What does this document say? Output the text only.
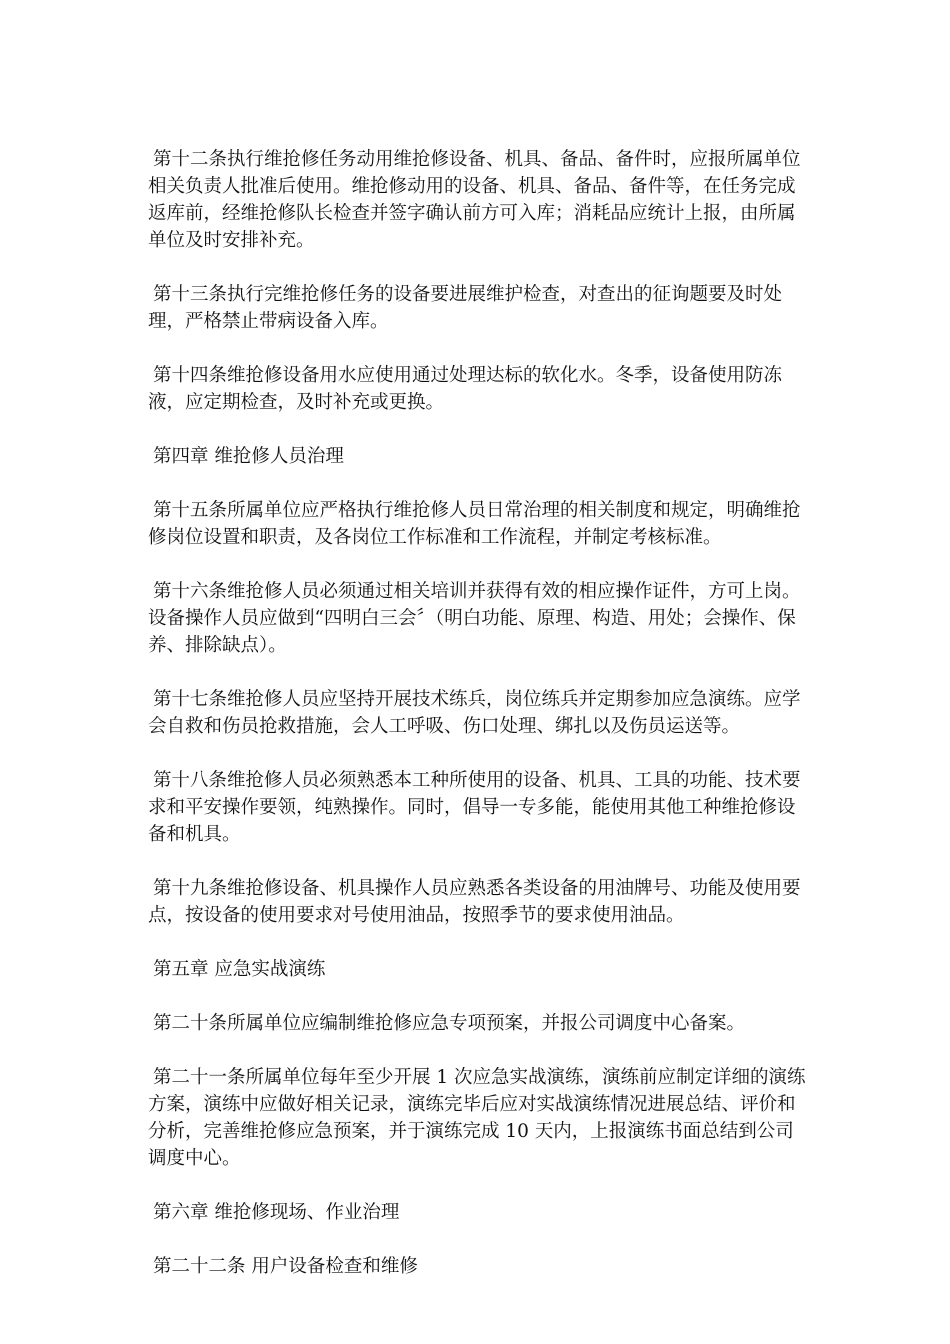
第十二条执行维抢修任务动用维抢修设备、机具、备品、备件时，应报所属单位相关负责人批准后使用。维抢修动用的设备、机具、备品、备件等，在任务完成返库前，经维抢修队长检查并签字确认前方可入库；消耗品应统计上报，由所属单位及时安排补充。

第十三条执行完维抢修任务的设备要进展维护检查，对查出的征询题要及时处理，严格禁止带病设备入库。

第十四条维抢修设备用水应使用通过处理达标的软化水。冬季，设备使用防冻液，应定期检查，及时补充或更换。

第四章 维抢修人员治理

第十五条所属单位应严格执行维抢修人员日常治理的相关制度和规定，明确维抢修岗位设置和职责，及各岗位工作标准和工作流程，并制定考核标准。

第十六条维抢修人员必须通过相关培训并获得有效的相应操作证件，方可上岗。设备操作人员应做到“四明白三会〞（明白功能、原理、构造、用处；会操作、保养、排除缺点）。

第十七条维抢修人员应坚持开展技术练兵，岗位练兵并定期参加应急演练。应学会自救和伤员抢救措施，会人工呼吸、伤口处理、绑扎以及伤员运送等。

第十八条维抢修人员必须熟悉本工种所使用的设备、机具、工具的功能、技术要求和平安操作要领，纯熟操作。同时，倡导一专多能，能使用其他工种维抢修设备和机具。

第十九条维抢修设备、机具操作人员应熟悉各类设备的用油牌号、功能及使用要点，按设备的使用要求对号使用油品，按照季节的要求使用油品。

第五章 应急实战演练

第二十条所属单位应编制维抢修应急专项预案，并报公司调度中心备案。

第二十一条所属单位每年至少开展 1 次应急实战演练，演练前应制定详细的演练方案，演练中应做好相关记录，演练完毕后应对实战演练情况进展总结、评价和分析，完善维抢修应急预案，并于演练完成 10 天内，上报演练书面总结到公司调度中心。

第六章 维抢修现场、作业治理

第二十二条 用户设备检查和维修
